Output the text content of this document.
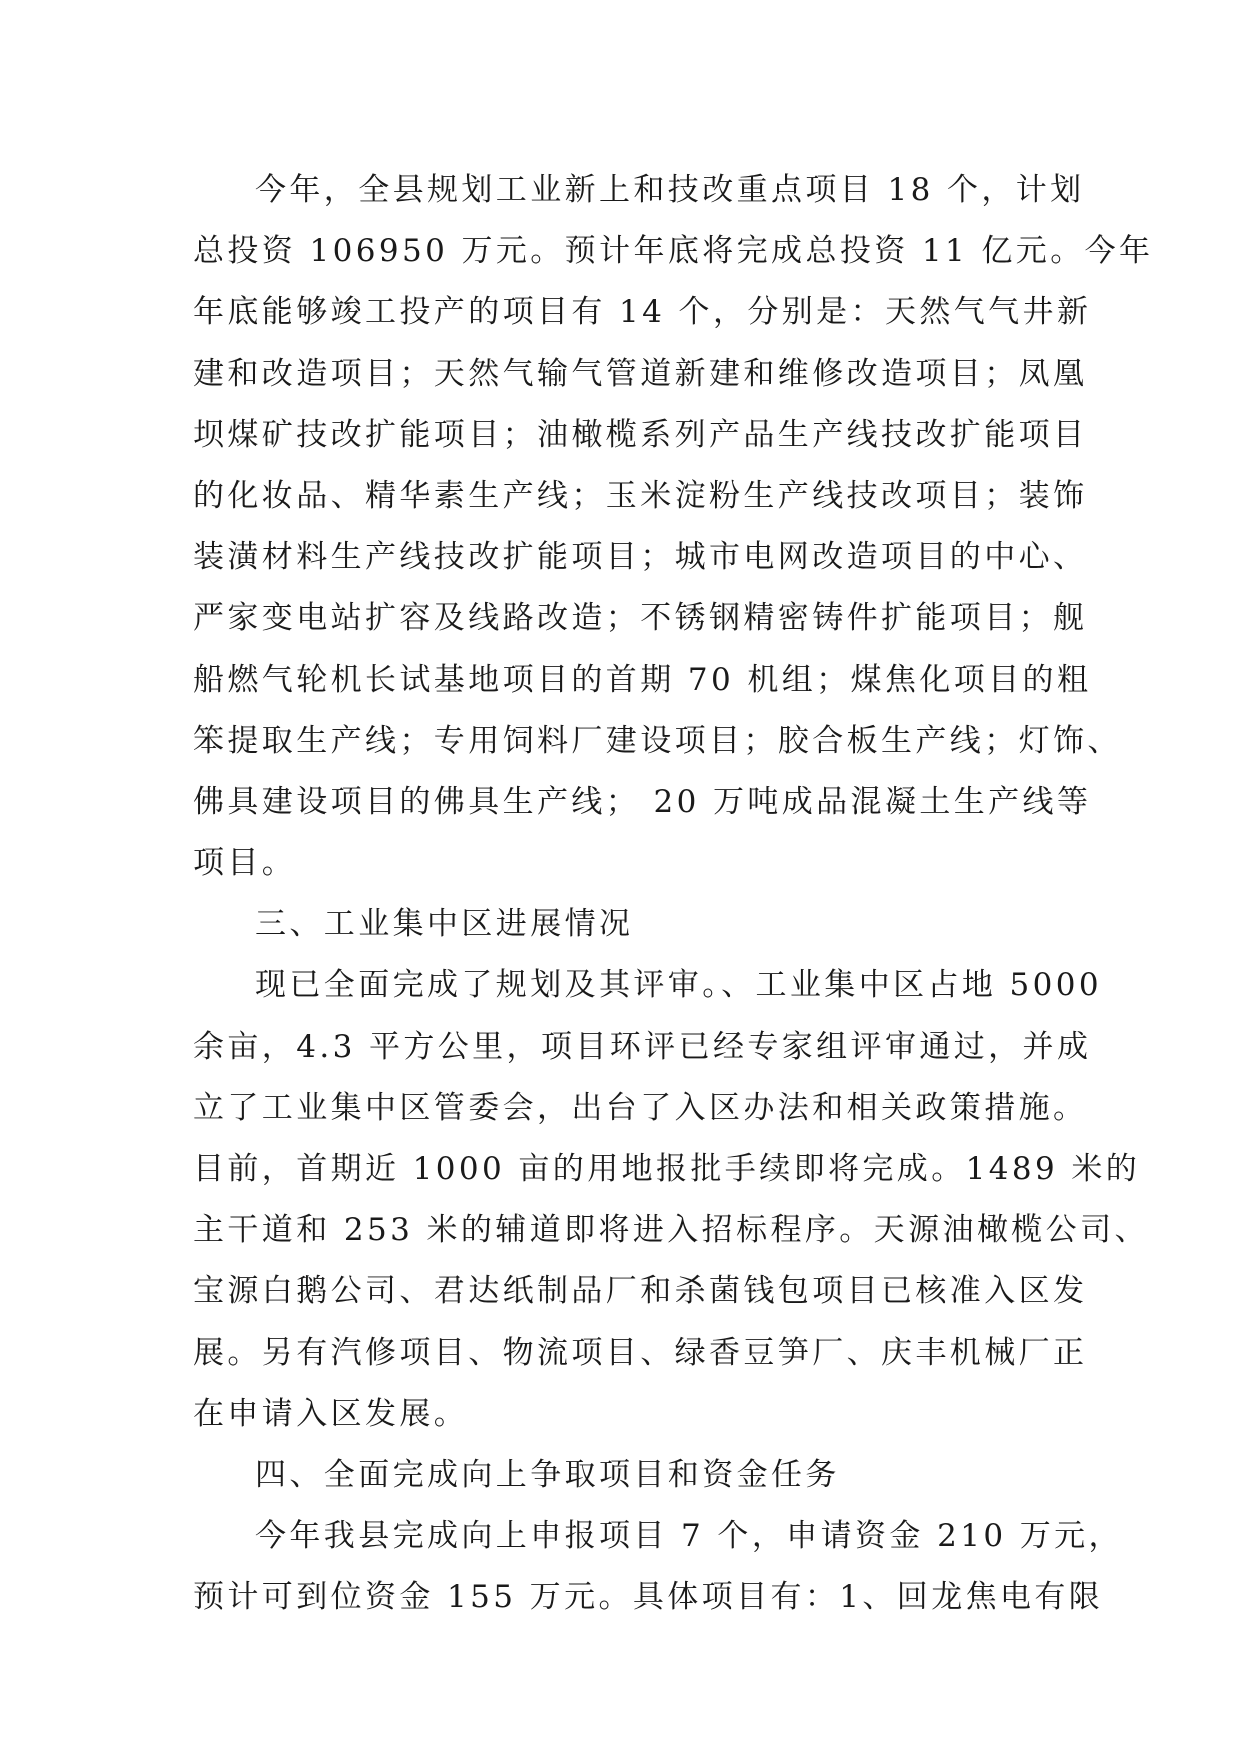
今年，全县规划工业新上和技改重点项目 18 个，计划
总投资 106950 万元。预计年底将完成总投资 11 亿元。今年
年底能够竣工投产的项目有 14 个，分别是：天然气气井新
建和改造项目；天然气输气管道新建和维修改造项目；凤凰
坝煤矿技改扩能项目；油橄榄系列产品生产线技改扩能项目
的化妆品、精华素生产线；玉米淀粉生产线技改项目；装饰
装潢材料生产线技改扩能项目；城市电网改造项目的中心、
严家变电站扩容及线路改造；不锈钢精密铸件扩能项目；舰
船燃气轮机长试基地项目的首期 70 机组；煤焦化项目的粗
笨提取生产线；专用饲料厂建设项目；胶合板生产线；灯饰、
佛具建设项目的佛具生产线； 20 万吨成品混凝土生产线等
项目。
三、工业集中区进展情况
现已全面完成了规划及其评审。、工业集中区占地 5000
余亩，4.3 平方公里，项目环评已经专家组评审通过，并成
立了工业集中区管委会，出台了入区办法和相关政策措施。
目前，首期近 1000 亩的用地报批手续即将完成。1489 米的
主干道和 253 米的辅道即将进入招标程序。天源油橄榄公司、
宝源白鹅公司、君达纸制品厂和杀菌钱包项目已核准入区发
展。另有汽修项目、物流项目、绿香豆笋厂、庆丰机械厂正
在申请入区发展。
四、全面完成向上争取项目和资金任务
今年我县完成向上申报项目 7 个，申请资金 210 万元，
预计可到位资金 155 万元。具体项目有：1、回龙焦电有限
